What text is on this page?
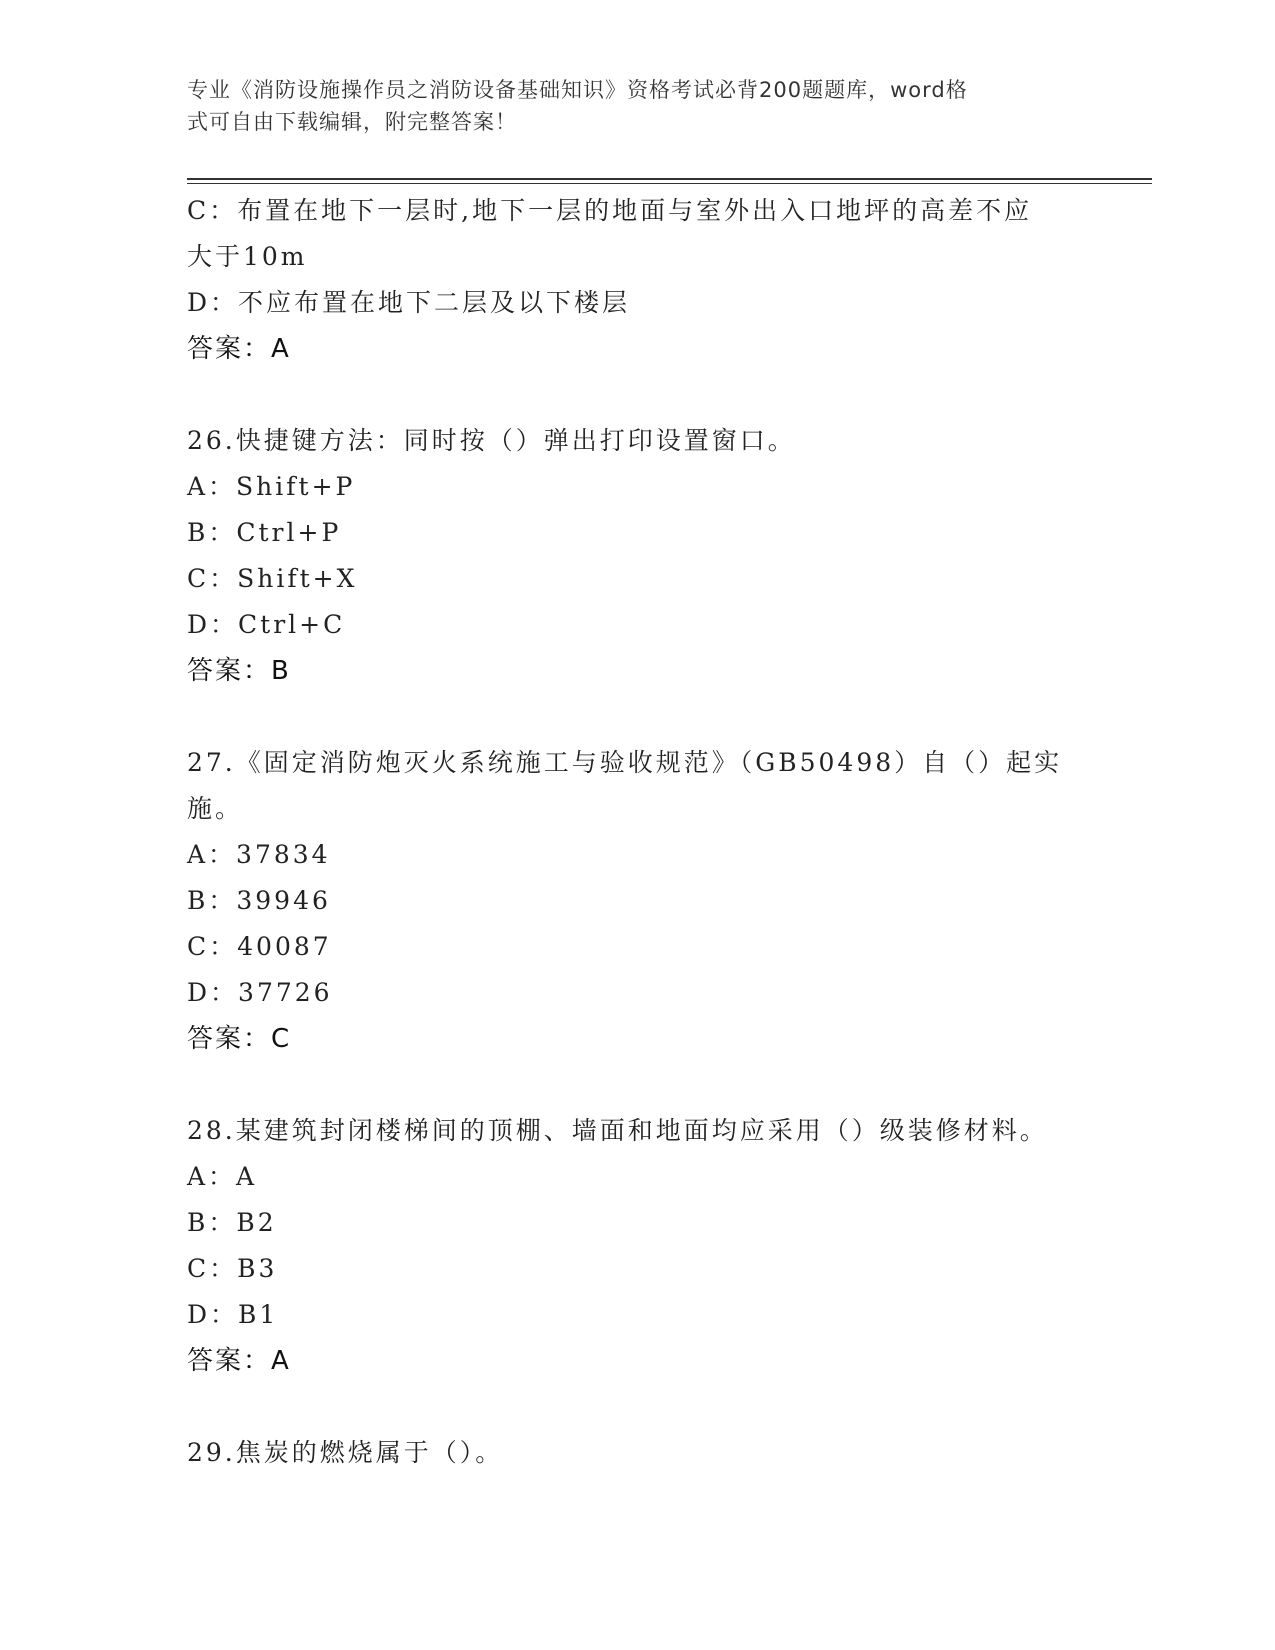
专业《消防设施操作员之消防设备基础知识》资格考试必背200题题库，word格
式可自由下载编辑，附完整答案！
C：布置在地下一层时,地下一层的地面与室外出入口地坪的高差不应
大于10m
D：不应布置在地下二层及以下楼层
答案：A
26.快捷键方法：同时按（）弹出打印设置窗口。
A：Shift+P
B：Ctrl+P
C：Shift+X
D：Ctrl+C
答案：B
27.《固定消防炮灭火系统施工与验收规范》（GB50498）自（）起实
施。
A：37834
B：39946
C：40087
D：37726
答案：C
28.某建筑封闭楼梯间的顶棚、墙面和地面均应采用（）级装修材料。
A：A
B：B2
C：B3
D：B1
答案：A
29.焦炭的燃烧属于（）。
